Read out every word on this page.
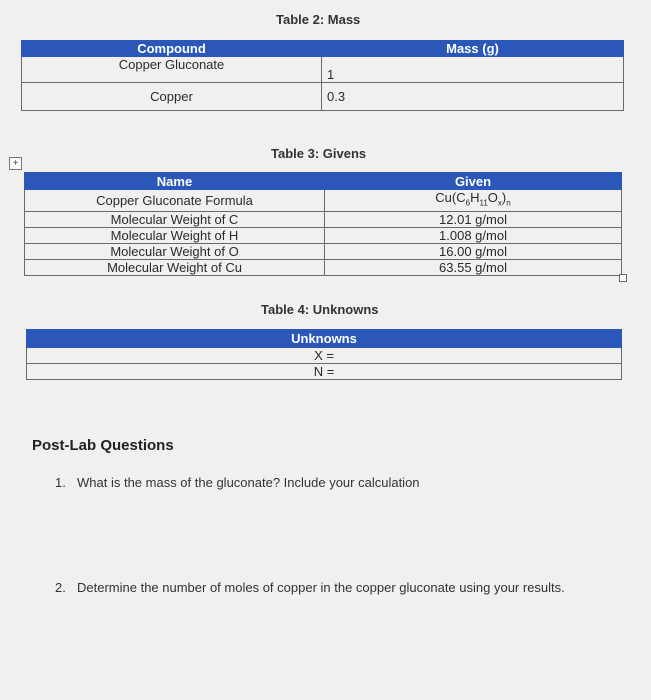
Table 2: Mass
Compound	Mass (g)
Copper Gluconate	1
Copper	0.3
Table 3: Givens
+
Name	Given
Copper Gluconate Formula	$Cu(C_6H_{11}O_x)_n$
Molecular Weight of C	12.01 g/mol
Molecular Weight of H	1.008 g/mol
Molecular Weight of O	16.00 g/mol
Molecular Weight of Cu	63.55 g/mol
Table 4: Unknowns
Unknowns
X =
N =
Post-Lab Questions
1. What is the mass of the gluconate? Include your calculation
2. Determine the number of moles of copper in the copper gluconate using your results.
